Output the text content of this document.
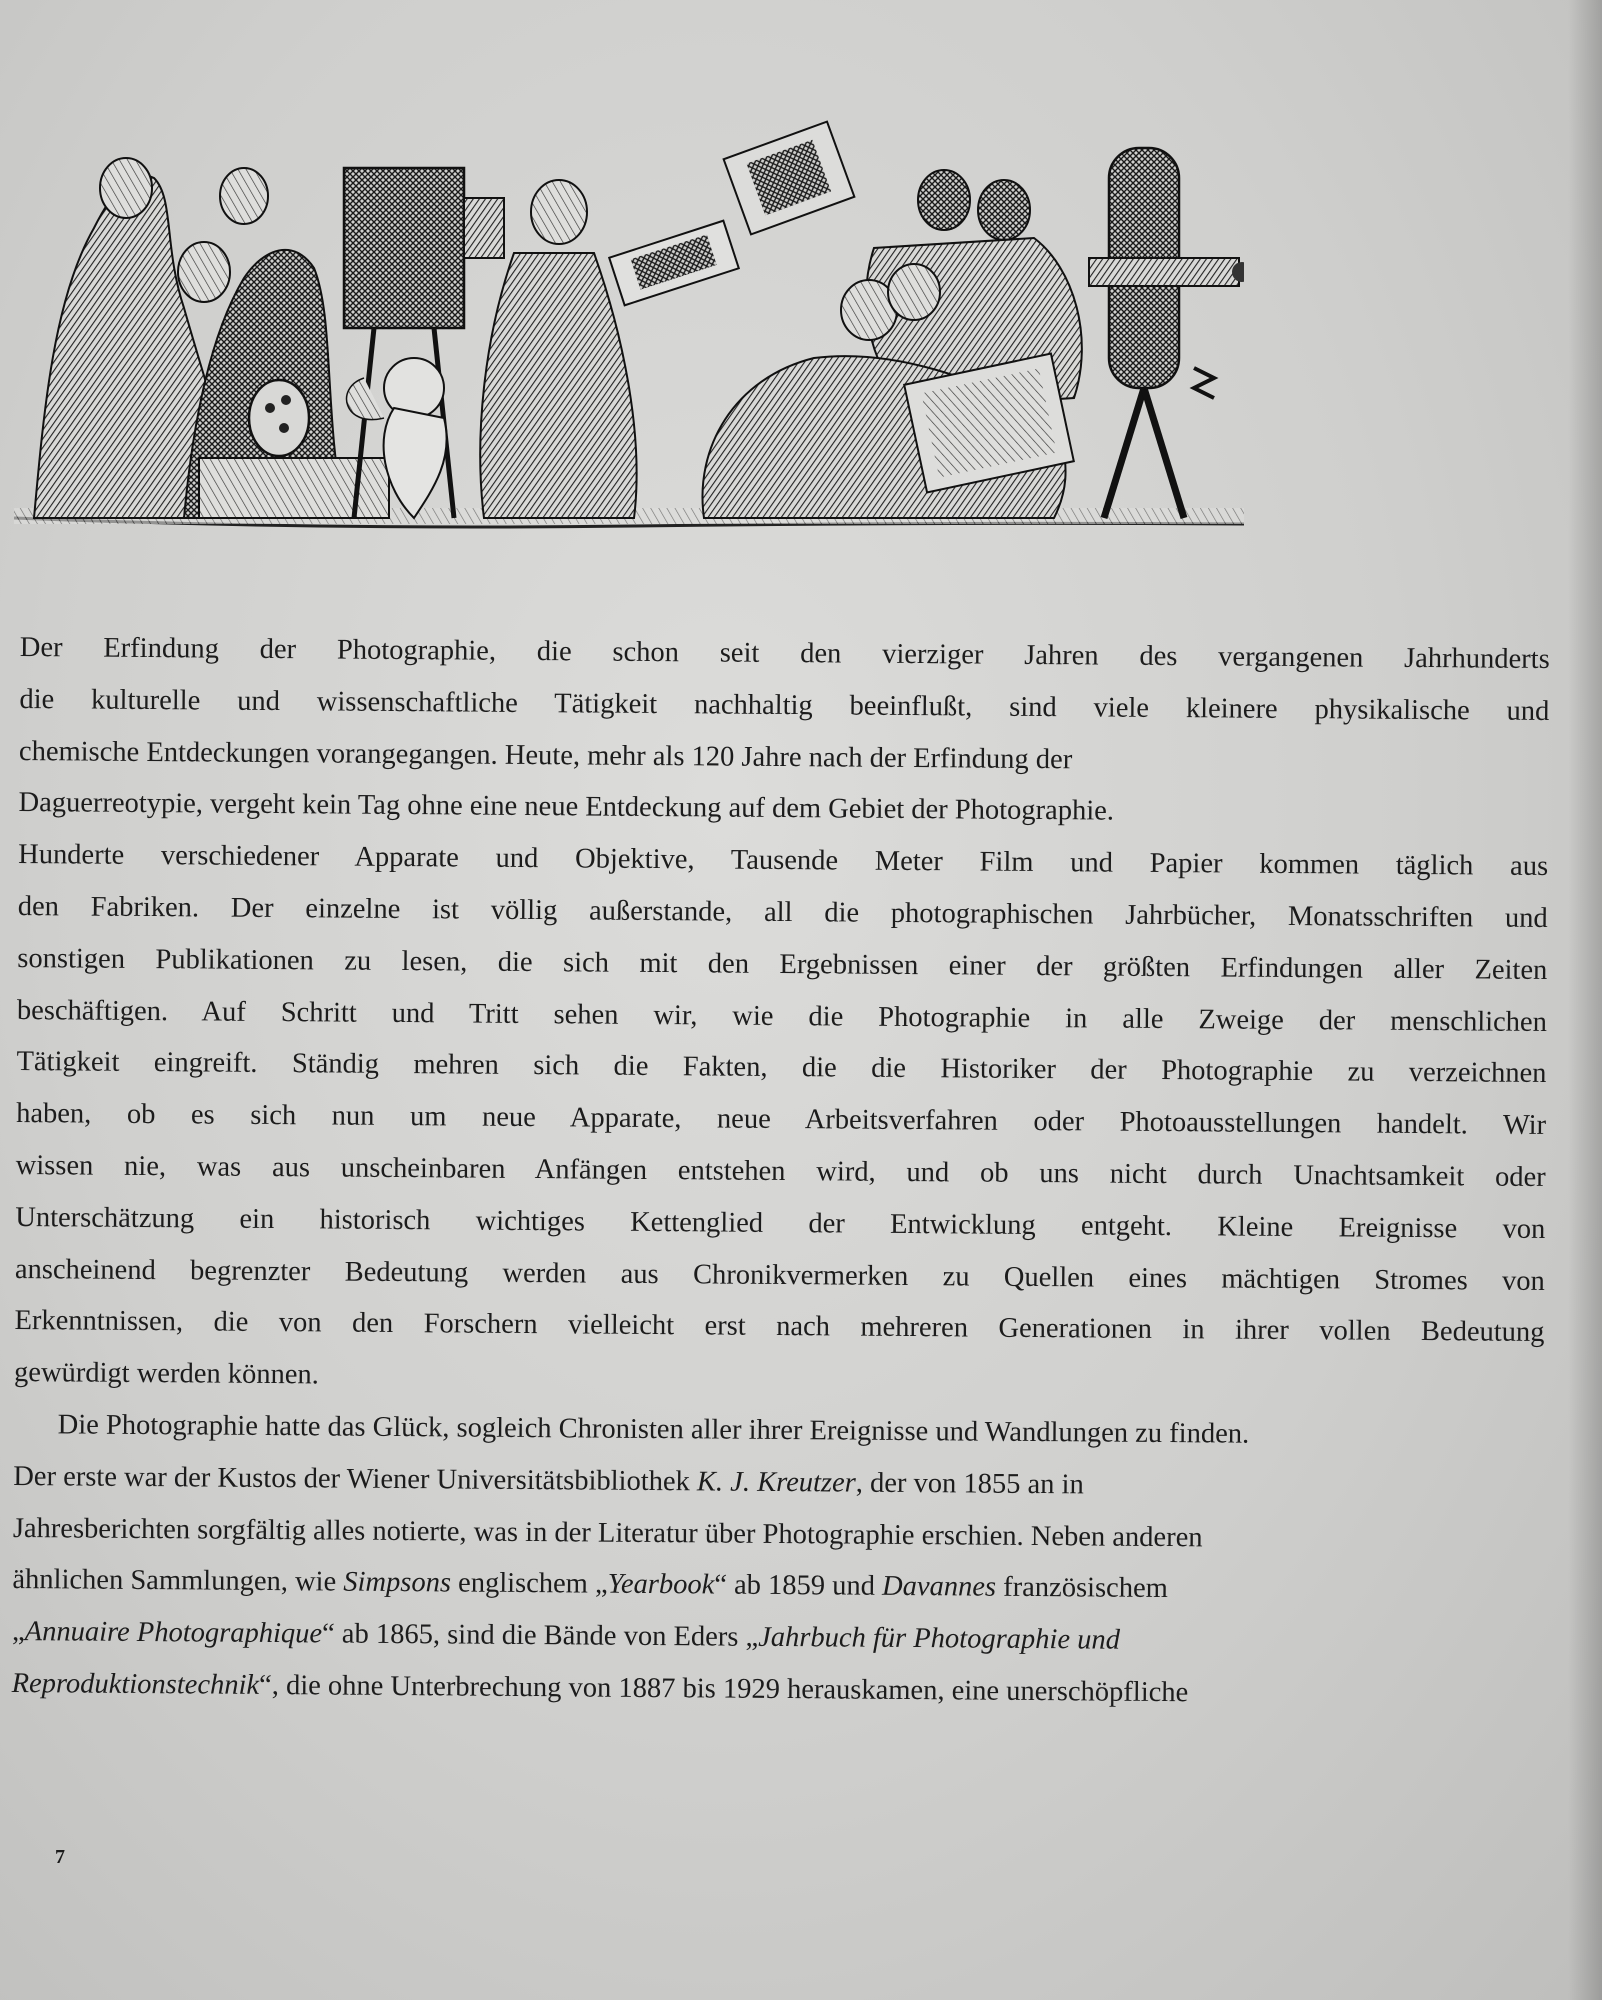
Der Erfindung der Photographie, die schon seit den vierziger Jahren des vergangenen Jahrhunderts
die kulturelle und wissenschaftliche Tätigkeit nachhaltig beeinflußt, sind viele kleinere physikalische und
chemische Entdeckungen vorangegangen. Heute, mehr als 120 Jahre nach der Erfindung der
Daguerreotypie, vergeht kein Tag ohne eine neue Entdeckung auf dem Gebiet der Photographie.
Hunderte verschiedener Apparate und Objektive, Tausende Meter Film und Papier kommen täglich aus
den Fabriken. Der einzelne ist völlig außerstande, all die photographischen Jahrbücher, Monatsschriften und
sonstigen Publikationen zu lesen, die sich mit den Ergebnissen einer der größten Erfindungen aller Zeiten
beschäftigen. Auf Schritt und Tritt sehen wir, wie die Photographie in alle Zweige der menschlichen
Tätigkeit eingreift. Ständig mehren sich die Fakten, die die Historiker der Photographie zu verzeichnen
haben, ob es sich nun um neue Apparate, neue Arbeitsverfahren oder Photoausstellungen handelt. Wir
wissen nie, was aus unscheinbaren Anfängen entstehen wird, und ob uns nicht durch Unachtsamkeit oder
Unterschätzung ein historisch wichtiges Kettenglied der Entwicklung entgeht. Kleine Ereignisse von
anscheinend begrenzter Bedeutung werden aus Chronikvermerken zu Quellen eines mächtigen Stromes von
Erkenntnissen, die von den Forschern vielleicht erst nach mehreren Generationen in ihrer vollen Bedeutung
gewürdigt werden können.
Die Photographie hatte das Glück, sogleich Chronisten aller ihrer Ereignisse und Wandlungen zu finden.
Der erste war der Kustos der Wiener Universitätsbibliothek K. J. Kreutzer, der von 1855 an in
Jahresberichten sorgfältig alles notierte, was in der Literatur über Photographie erschien. Neben anderen
ähnlichen Sammlungen, wie Simpsons englischem „Yearbook“ ab 1859 und Davannes französischem
„Annuaire Photographique“ ab 1865, sind die Bände von Eders „Jahrbuch für Photographie und
Reproduktionstechnik“, die ohne Unterbrechung von 1887 bis 1929 herauskamen, eine unerschöpfliche
7
